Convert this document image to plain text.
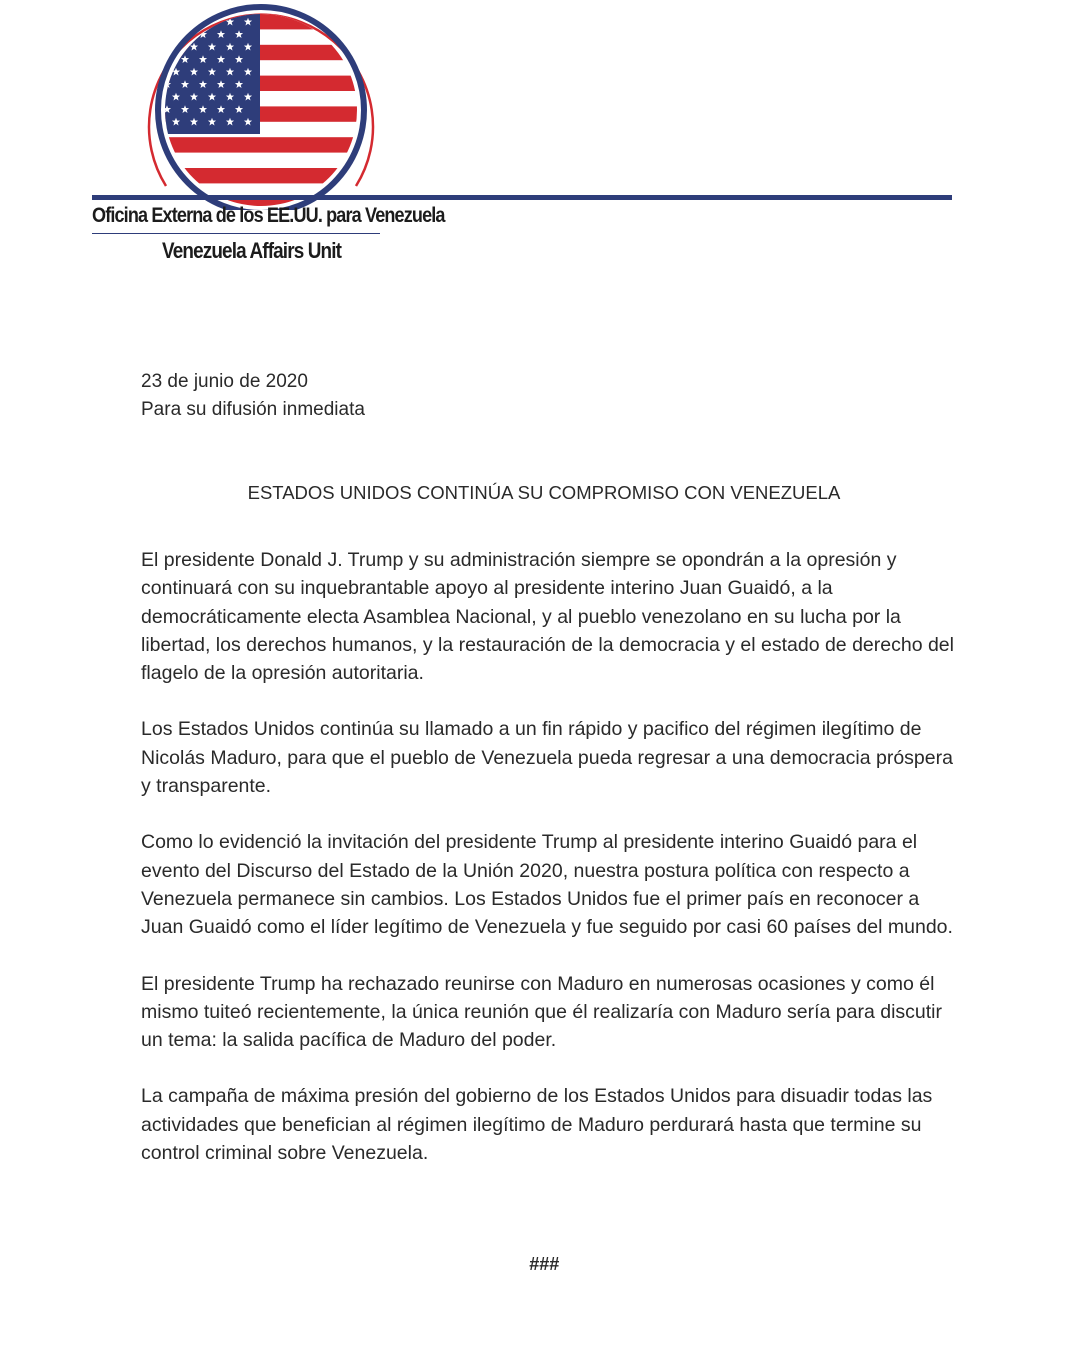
Oficina Externa de los EE.UU. para Venezuela
Venezuela Affairs Unit
23 de junio de 2020
Para su difusión inmediata
ESTADOS UNIDOS CONTINÚA SU COMPROMISO CON VENEZUELA

El presidente Donald J. Trump y su administración siempre se opondrán a la opresión y continuará con su inquebrantable apoyo al presidente interino Juan Guaidó, a la democráticamente electa Asamblea Nacional, y al pueblo venezolano en su lucha por la libertad, los derechos humanos, y la restauración de la democracia y el estado de derecho del flagelo de la opresión autoritaria.

Los Estados Unidos continúa su llamado a un fin rápido y pacifico del régimen ilegítimo de Nicolás Maduro, para que el pueblo de Venezuela pueda regresar a una democracia próspera y transparente.

Como lo evidenció la invitación del presidente Trump al presidente interino Guaidó para el evento del Discurso del Estado de la Unión 2020, nuestra postura política con respecto a Venezuela permanece sin cambios. Los Estados Unidos fue el primer país en reconocer a Juan Guaidó como el líder legítimo de Venezuela y fue seguido por casi 60 países del mundo.

El presidente Trump ha rechazado reunirse con Maduro en numerosas ocasiones y como él mismo tuiteó recientemente, la única reunión que él realizaría con Maduro sería para discutir un tema: la salida pacífica de Maduro del poder.

La campaña de máxima presión del gobierno de los Estados Unidos para disuadir todas las actividades que benefician al régimen ilegítimo de Maduro perdurará hasta que termine su control criminal sobre Venezuela.

###
